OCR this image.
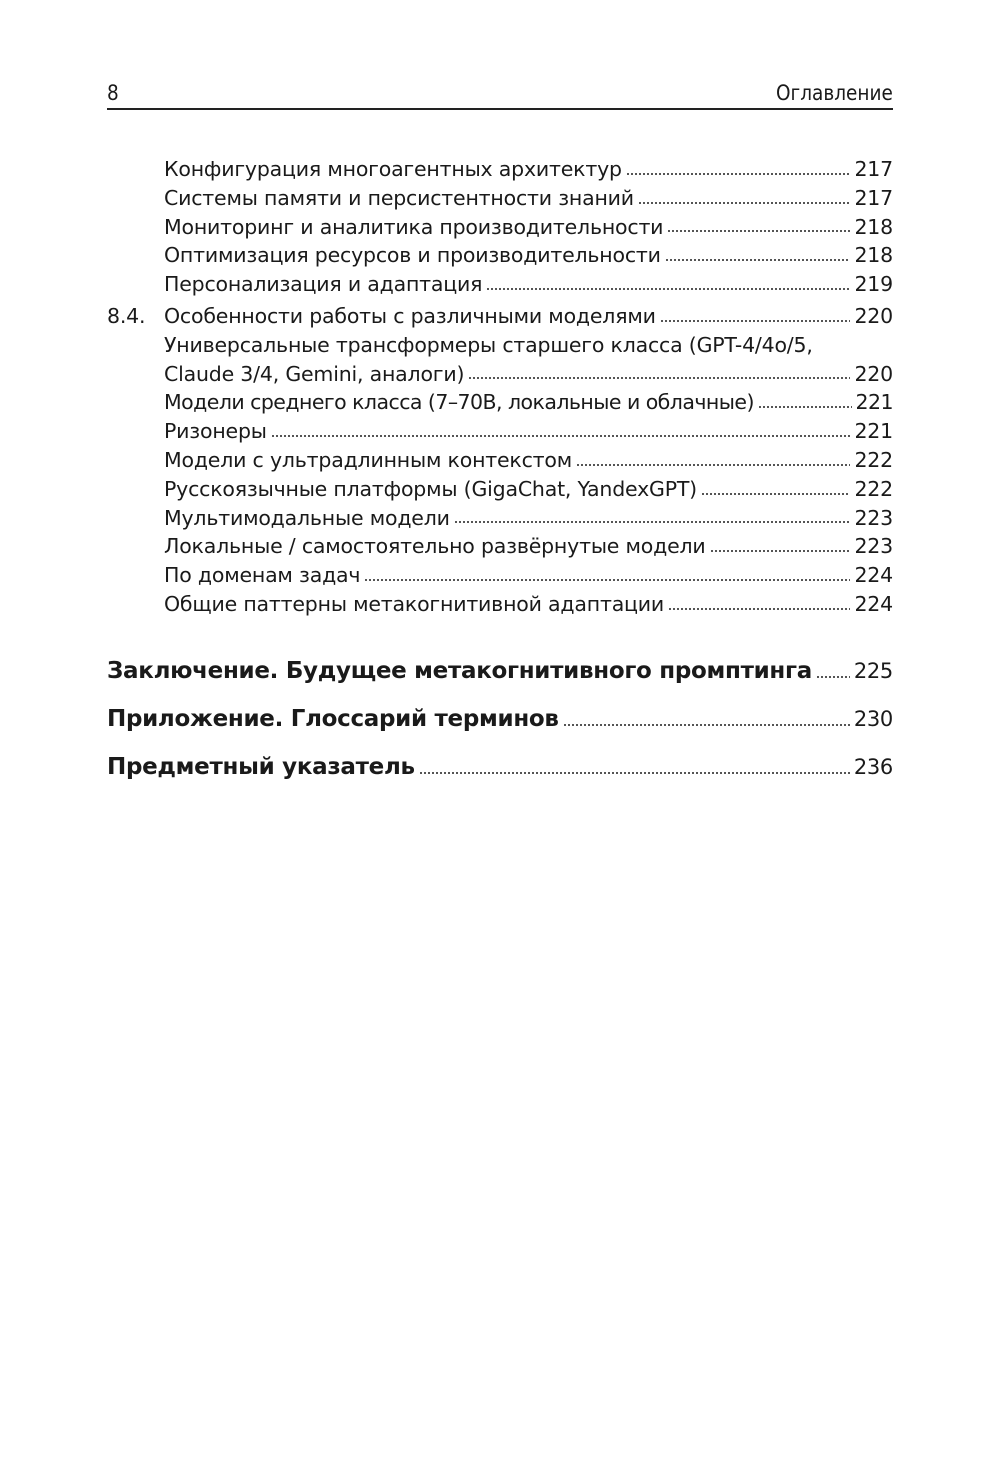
8	Оглавление
Конфигурация многоагентных архитектур	217
Системы памяти и персистентности знаний	217
Мониторинг и аналитика производительности	218
Оптимизация ресурсов и производительности	218
Персонализация и адаптация	219
8.4. Особенности работы с различными моделями	220
Универсальные трансформеры старшего класса (GPT-4/4o/5,
Claude 3/4, Gemini, аналоги)	220
Модели среднего класса (7–70B, локальные и облачные)	221
Ризонеры	221
Модели с ультрадлинным контекстом	222
Русскоязычные платформы (GigaChat, YandexGPT)	222
Мультимодальные модели	223
Локальные / самостоятельно развёрнутые модели	223
По доменам задач	224
Общие паттерны метакогнитивной адаптации	224
Заключение. Будущее метакогнитивного промптинга 225
Приложение. Глоссарий терминов	230
Предметный указатель	236
